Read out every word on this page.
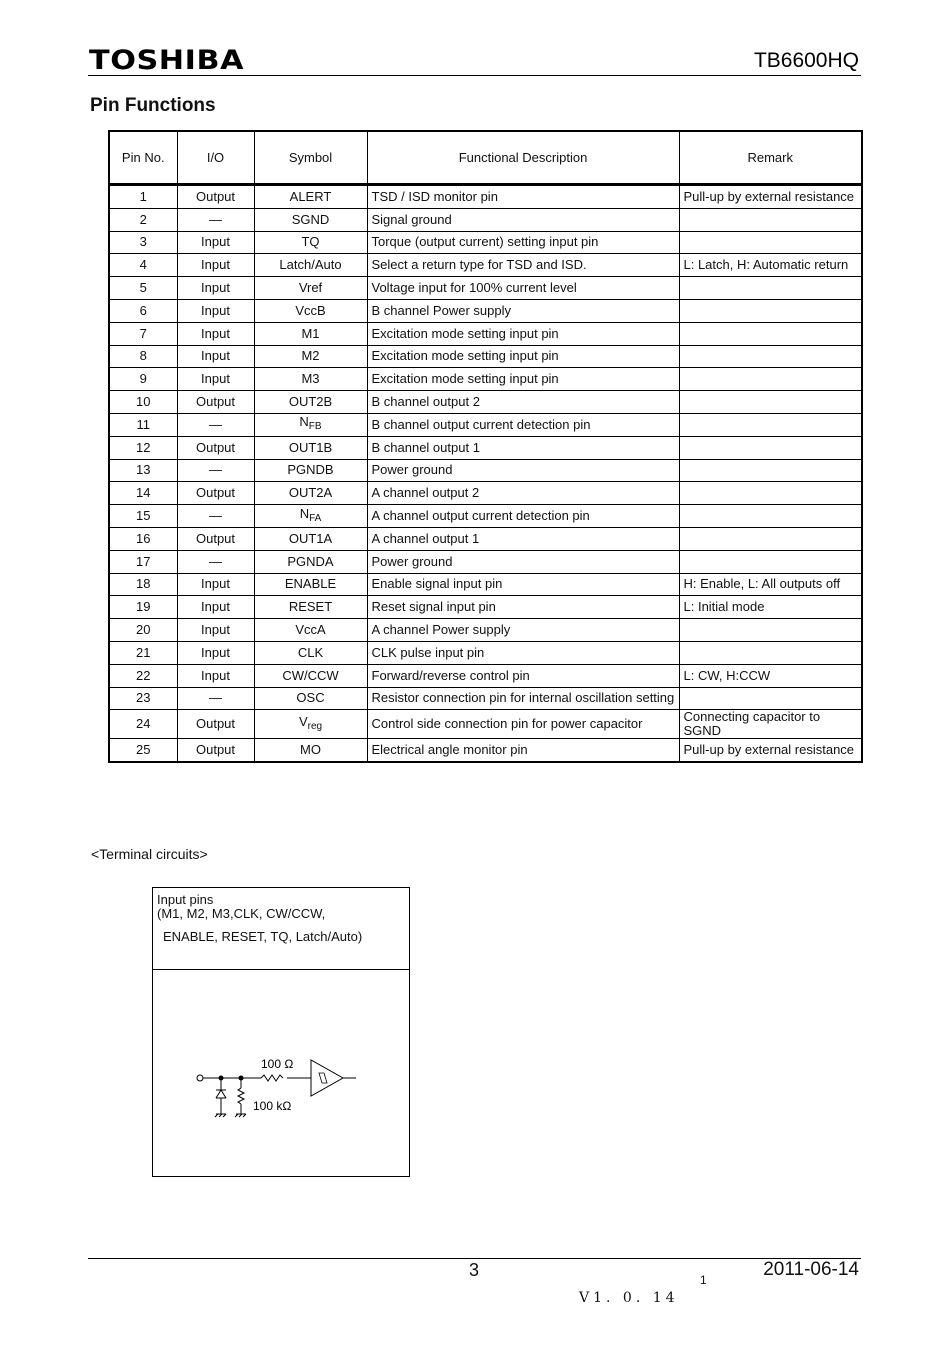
TOSHIBA	TB6600HQ
Pin Functions
Pin No.	I/O	Symbol	Functional Description	Remark
1	Output	ALERT	TSD / ISD monitor pin	Pull-up by external resistance
2	—	SGND	Signal ground	
3	Input	TQ	Torque (output current) setting input pin	
4	Input	Latch/Auto	Select a return type for TSD and ISD.	L: Latch, H: Automatic return
5	Input	Vref	Voltage input for 100% current level	
6	Input	VccB	B channel Power supply	
7	Input	M1	Excitation mode setting input pin	
8	Input	M2	Excitation mode setting input pin	
9	Input	M3	Excitation mode setting input pin	
10	Output	OUT2B	B channel output 2	
11	—	$N_{FB}$	B channel output current detection pin	
12	Output	OUT1B	B channel output 1	
13	—	PGNDB	Power ground	
14	Output	OUT2A	A channel output 2	
15	—	$N_{FA}$	A channel output current detection pin	
16	Output	OUT1A	A channel output 1	
17	—	PGNDA	Power ground	
18	Input	ENABLE	Enable signal input pin	H: Enable, L: All outputs off
19	Input	RESET	Reset signal input pin	L: Initial mode
20	Input	VccA	A channel Power supply	
21	Input	CLK	CLK pulse input pin	
22	Input	CW/CCW	Forward/reverse control pin	L: CW, H:CCW
23	—	OSC	Resistor connection pin for internal oscillation setting	
24	Output	$V_{reg}$	Control side connection pin for power capacitor	Connecting capacitor to SGND
25	Output	MO	Electrical angle monitor pin	Pull-up by external resistance
<Terminal circuits>
Input pins
(M1, M2, M3,CLK, CW/CCW,
ENABLE, RESET, TQ, Latch/Auto)
100 Ω
100 kΩ
3	1	2011-06-14
V1. 0. 14
